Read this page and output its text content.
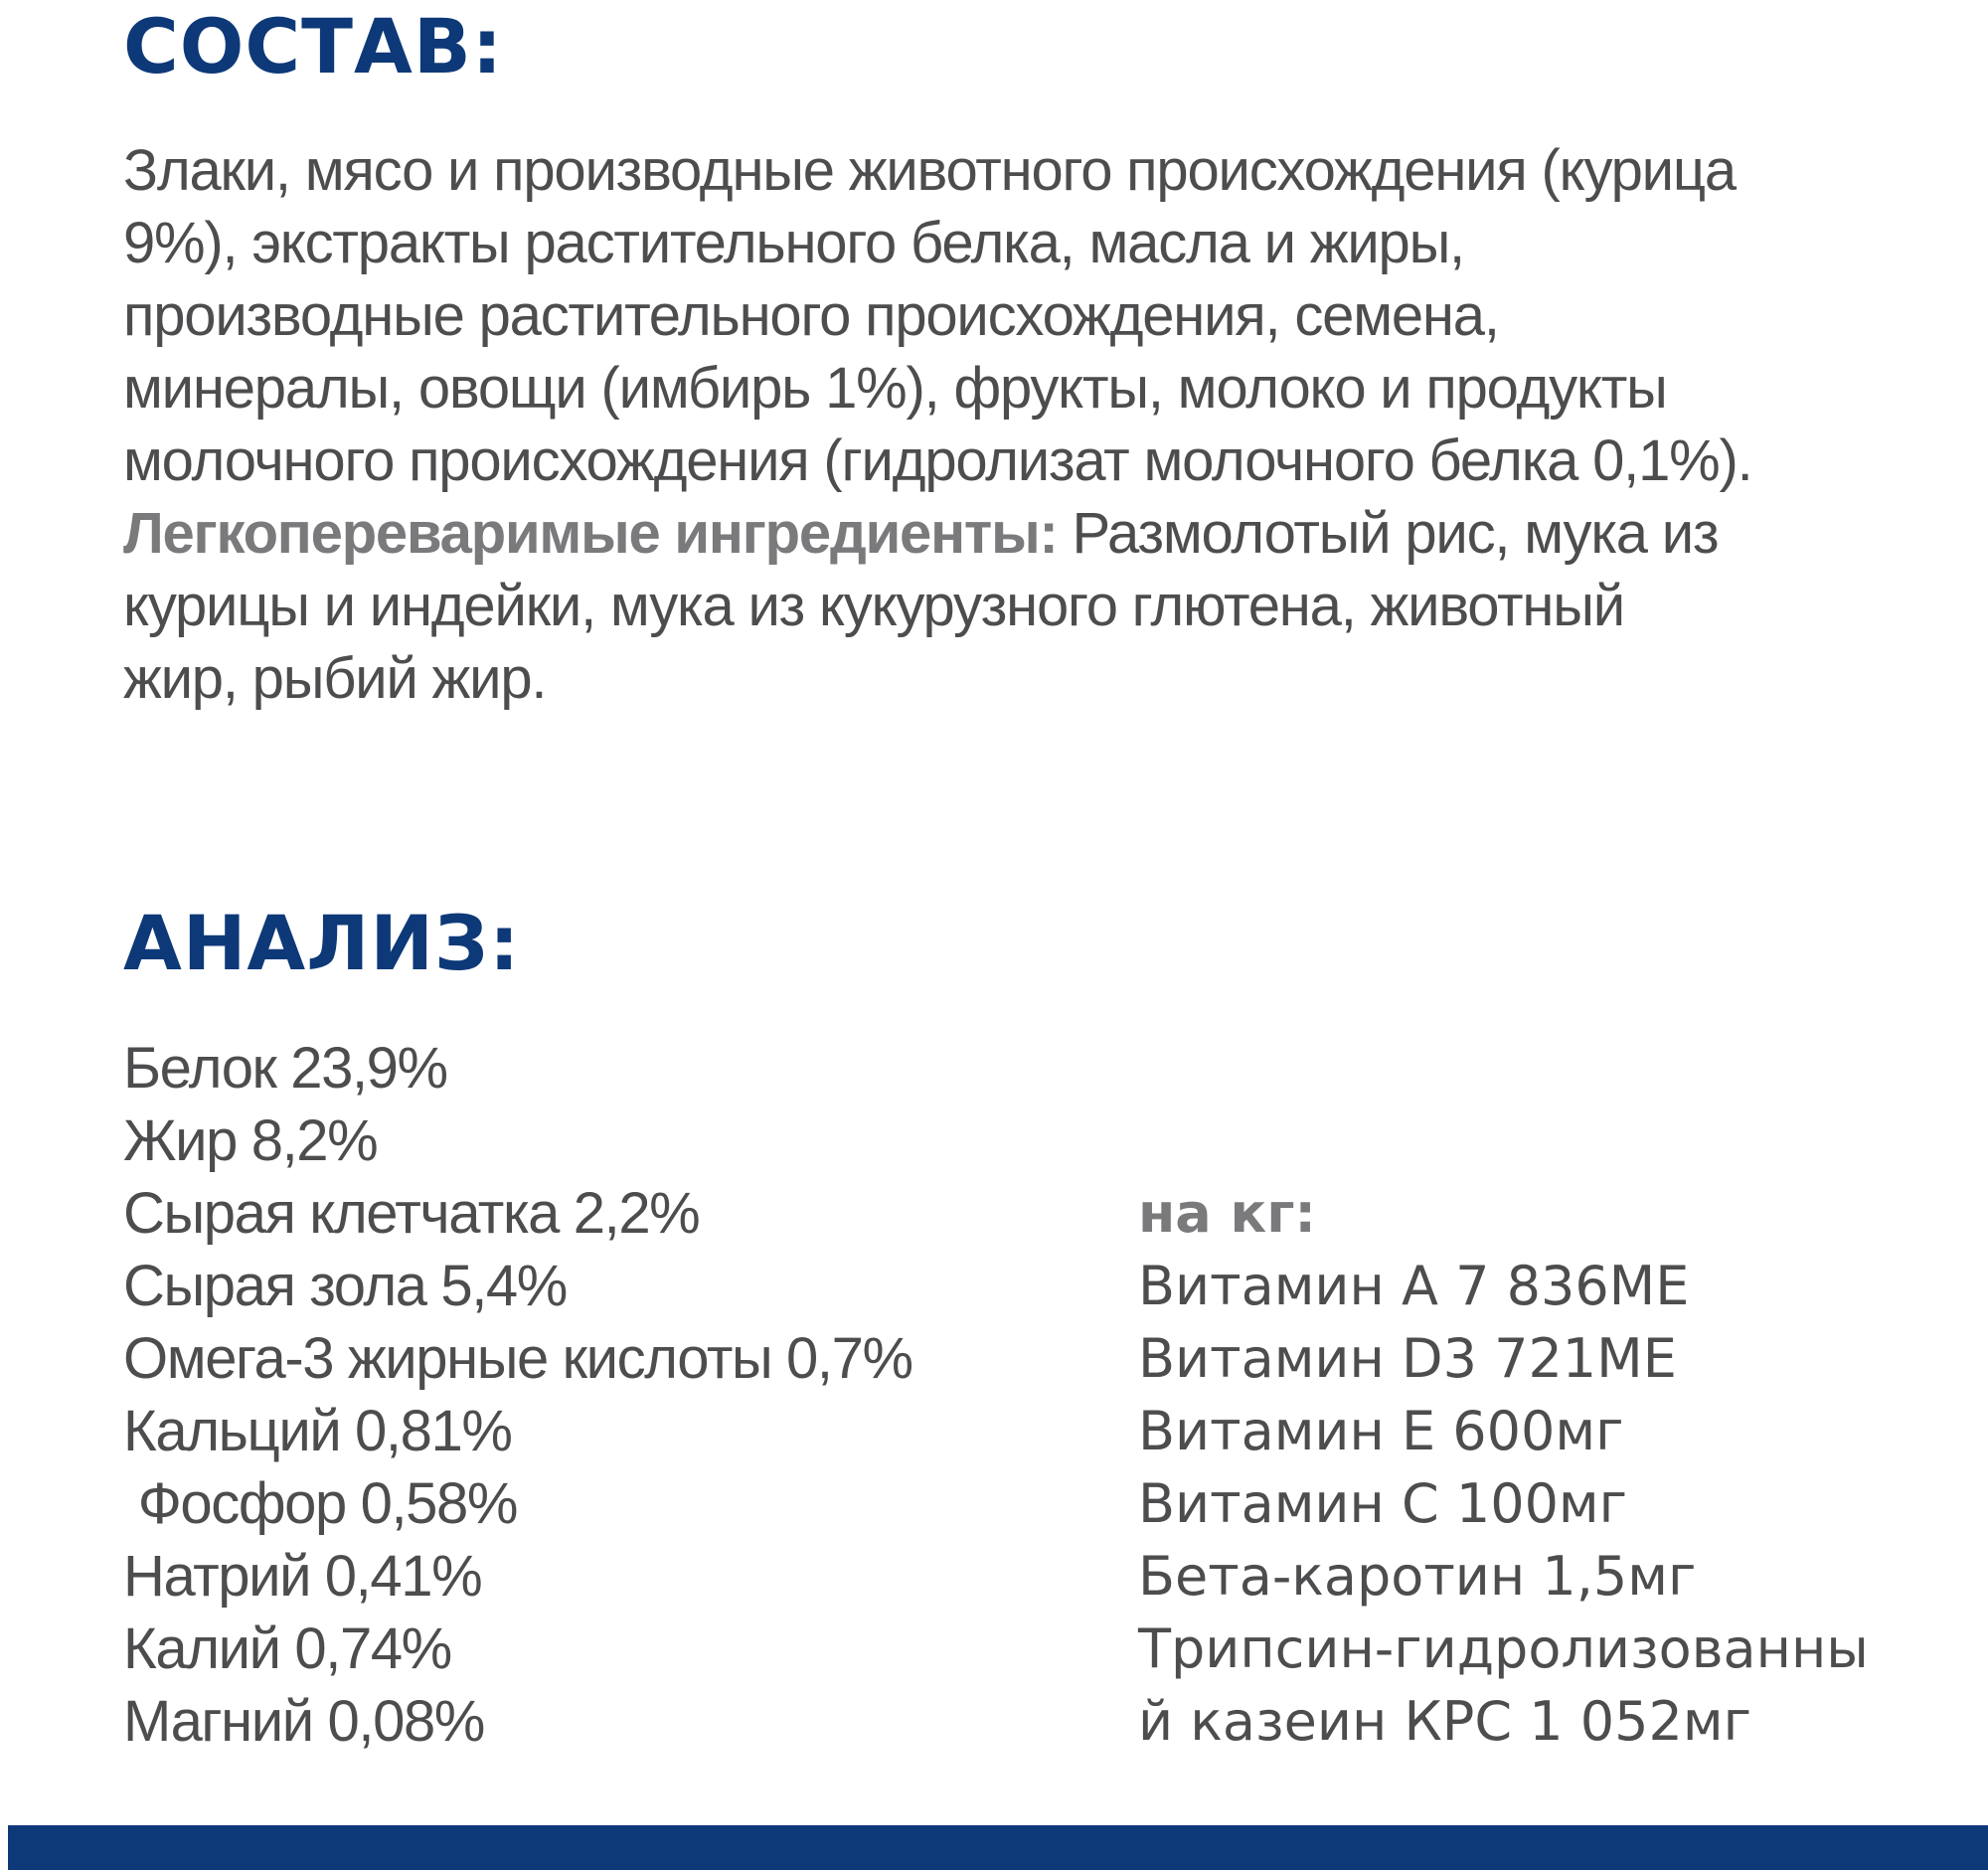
СОСТАВ:
Злаки, мясо и производные животного происхождения (курица
9%), экстракты растительного белка, масла и жиры,
производные растительного происхождения, семена,
минералы, овощи (имбирь 1%), фрукты, молоко и продукты
молочного происхождения (гидролизат молочного белка 0,1%).
Легкопереваримые ингредиенты: Размолотый рис, мука из
курицы и индейки, мука из кукурузного глютена, животный
жир, рыбий жир.
АНАЛИЗ:
Белок 23,9%
Жир 8,2%
Сырая клетчатка 2,2%
Сырая зола 5,4%
Омега-3 жирные кислоты 0,7%
Кальций 0,81%
Фосфор 0,58%
Натрий 0,41%
Калий 0,74%
Магний 0,08%
на кг:
Витамин А 7 836МЕ
Витамин D3 721МЕ
Витамин Е 600мг
Витамин С 100мг
Бета-каротин 1,5мг
Трипсин-гидролизованны
й казеин КРС 1 052мг
